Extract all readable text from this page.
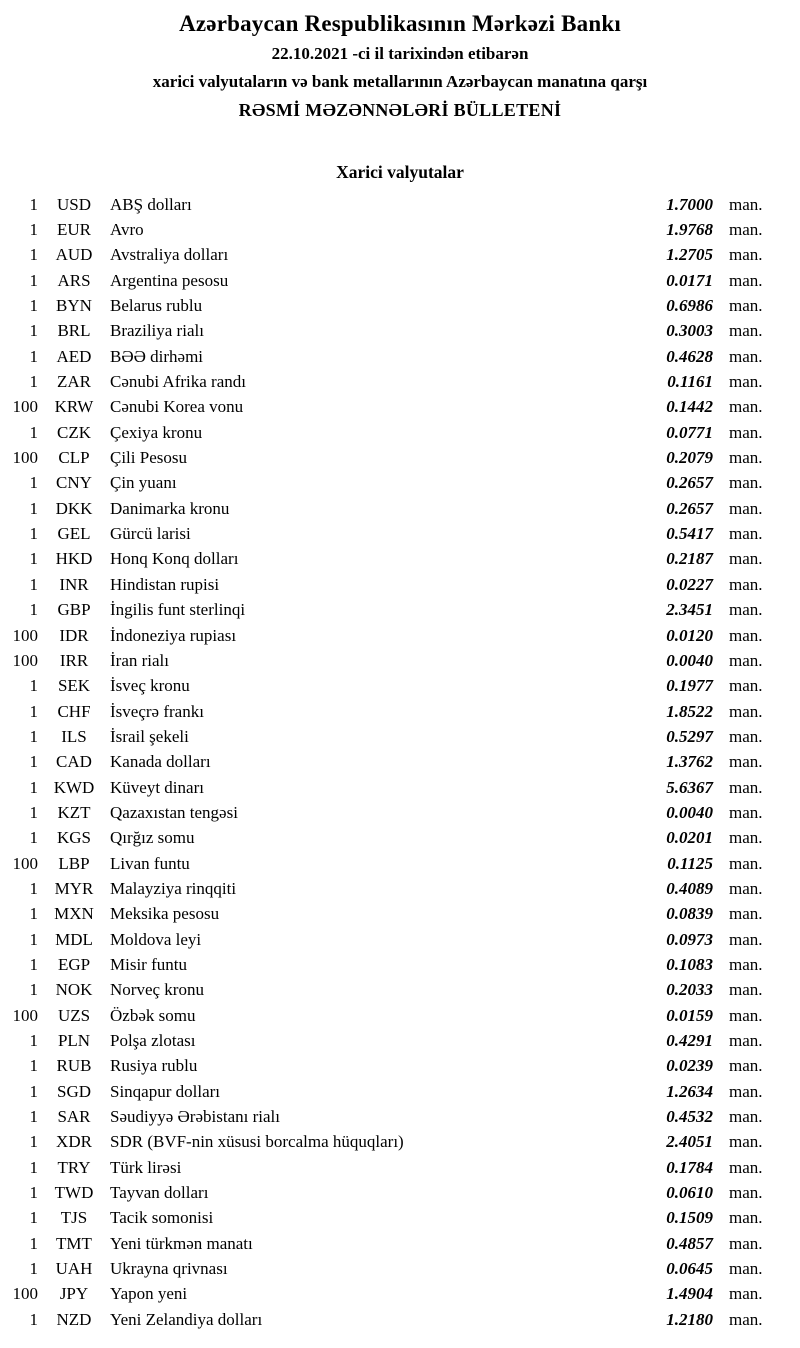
Azərbaycan Respublikasının Mərkəzi Bankı
22.10.2021 -ci il tarixindən etibarən
xarici valyutaların və bank metallarının Azərbaycan manatına qarşı
RƏSMİ MƏZƏNNƏLƏRİ BÜLLETENİ
Xarici valyutalar
1	USD	ABŞ dolları	1.7000 man.
1	EUR	Avro	1.9768 man.
1	AUD	Avstraliya dolları	1.2705 man.
1	ARS	Argentina pesosu	0.0171 man.
1	BYN	Belarus rublu	0.6986 man.
1	BRL	Braziliya rialı	0.3003 man.
1	AED	BƏƏ dirhəmi	0.4628 man.
1	ZAR	Cənubi Afrika randı	0.1161 man.
100 KRW Cənubi Korea vonu	0.1442 man.
1	CZK	Çexiya kronu	0.0771 man.
100	CLP	Çili Pesosu	0.2079 man.
1	CNY	Çin yuanı	0.2657 man.
1	DKK	Danimarka kronu	0.2657 man.
1	GEL	Gürcü larisi	0.5417 man.
1	HKD	Honq Konq dolları	0.2187 man.
1	INR	Hindistan rupisi	0.0227 man.
1	GBP	İngilis funt sterlinqi	2.3451 man.
100	IDR	İndoneziya rupiası	0.0120 man.
100	IRR	İran rialı	0.0040 man.
1	SEK	İsveç kronu	0.1977 man.
1	CHF	İsveçrə frankı	1.8522 man.
1	ILS	İsrail şekeli	0.5297 man.
1	CAD	Kanada dolları	1.3762 man.
1 KWD Küveyt dinarı	5.6367 man.
1	KZT	Qazaxıstan tengəsi	0.0040 man.
1	KGS	Qırğız somu	0.0201 man.
100	LBP	Livan funtu	0.1125 man.
1 MYR Malayziya rinqqiti	0.4089 man.
1 MXN Meksika pesosu	0.0839 man.
1	MDL	Moldova leyi	0.0973 man.
1	EGP	Misir funtu	0.1083 man.
1	NOK	Norveç kronu	0.2033 man.
100	UZS	Özbək somu	0.0159 man.
1	PLN	Polşa zlotası	0.4291 man.
1	RUB	Rusiya rublu	0.0239 man.
1	SGD	Sinqapur dolları	1.2634 man.
1	SAR	Səudiyyə Ərəbistanı rialı	0.4532 man.
1	XDR	SDR (BVF-nin xüsusi borcalma hüquqları)	2.4051 man.
1	TRY	Türk lirəsi	0.1784 man.
1 TWD Tayvan dolları	0.0610 man.
1	TJS	Tacik somonisi	0.1509 man.
1	TMT	Yeni türkmən manatı	0.4857 man.
1	UAH	Ukrayna qrivnası	0.0645 man.
100	JPY	Yapon yeni	1.4904 man.
1	NZD	Yeni Zelandiya dolları	1.2180 man.
